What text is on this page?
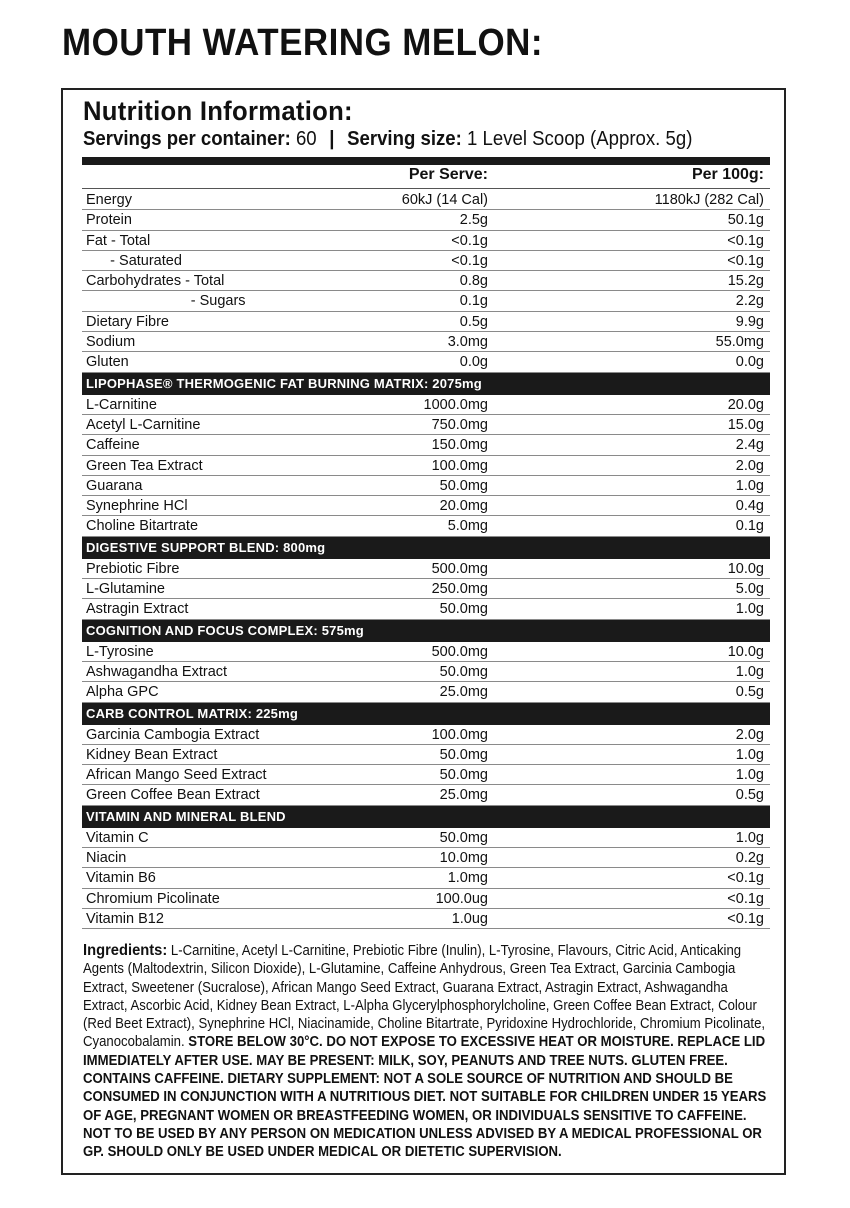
MOUTH WATERING MELON:
Nutrition Information:
Servings per container: 60 | Serving size: 1 Level Scoop (Approx. 5g)
Per Serve:	Per 100g:
Energy	60kJ (14 Cal)	1180kJ (282 Cal)
Protein	2.5g	50.1g
Fat - Total	<0.1g	<0.1g
- Saturated	<0.1g	<0.1g
Carbohydrates - Total	0.8g	15.2g
- Sugars	0.1g	2.2g
Dietary Fibre	0.5g	9.9g
Sodium	3.0mg	55.0mg
Gluten	0.0g	0.0g
LIPOPHASE® THERMOGENIC FAT BURNING MATRIX: 2075mg
L-Carnitine	1000.0mg	20.0g
Acetyl L-Carnitine	750.0mg	15.0g
Caffeine	150.0mg	2.4g
Green Tea Extract	100.0mg	2.0g
Guarana	50.0mg	1.0g
Synephrine HCl	20.0mg	0.4g
Choline Bitartrate	5.0mg	0.1g
DIGESTIVE SUPPORT BLEND: 800mg
Prebiotic Fibre	500.0mg	10.0g
L-Glutamine	250.0mg	5.0g
Astragin Extract	50.0mg	1.0g
COGNITION AND FOCUS COMPLEX: 575mg
L-Tyrosine	500.0mg	10.0g
Ashwagandha Extract	50.0mg	1.0g
Alpha GPC	25.0mg	0.5g
CARB CONTROL MATRIX: 225mg
Garcinia Cambogia Extract	100.0mg	2.0g
Kidney Bean Extract	50.0mg	1.0g
African Mango Seed Extract	50.0mg	1.0g
Green Coffee Bean Extract	25.0mg	0.5g
VITAMIN AND MINERAL BLEND
Vitamin C	50.0mg	1.0g
Niacin	10.0mg	0.2g
Vitamin B6	1.0mg	<0.1g
Chromium Picolinate	100.0ug	<0.1g
Vitamin B12	1.0ug	<0.1g
Ingredients: L-Carnitine, Acetyl L-Carnitine, Prebiotic Fibre (Inulin), L-Tyrosine, Flavours, Citric Acid, Anticaking Agents (Maltodextrin, Silicon Dioxide), L-Glutamine, Caffeine Anhydrous, Green Tea Extract, Garcinia Cambogia Extract, Sweetener (Sucralose), African Mango Seed Extract, Guarana Extract, Astragin Extract, Ashwagandha Extract, Ascorbic Acid, Kidney Bean Extract, L-Alpha Glycerylphosphorylcholine, Green Coffee Bean Extract, Colour (Red Beet Extract), Synephrine HCl, Niacinamide, Choline Bitartrate, Pyridoxine Hydrochloride, Chromium Picolinate, Cyanocobalamin. STORE BELOW 30°C. DO NOT EXPOSE TO EXCESSIVE HEAT OR MOISTURE. REPLACE LID IMMEDIATELY AFTER USE. MAY BE PRESENT: MILK, SOY, PEANUTS AND TREE NUTS. GLUTEN FREE. CONTAINS CAFFEINE. DIETARY SUPPLEMENT: NOT A SOLE SOURCE OF NUTRITION AND SHOULD BE CONSUMED IN CONJUNCTION WITH A NUTRITIOUS DIET. NOT SUITABLE FOR CHILDREN UNDER 15 YEARS OF AGE, PREGNANT WOMEN OR BREASTFEEDING WOMEN, OR INDIVIDUALS SENSITIVE TO CAFFEINE. NOT TO BE USED BY ANY PERSON ON MEDICATION UNLESS ADVISED BY A MEDICAL PROFESSIONAL OR GP. SHOULD ONLY BE USED UNDER MEDICAL OR DIETETIC SUPERVISION.
